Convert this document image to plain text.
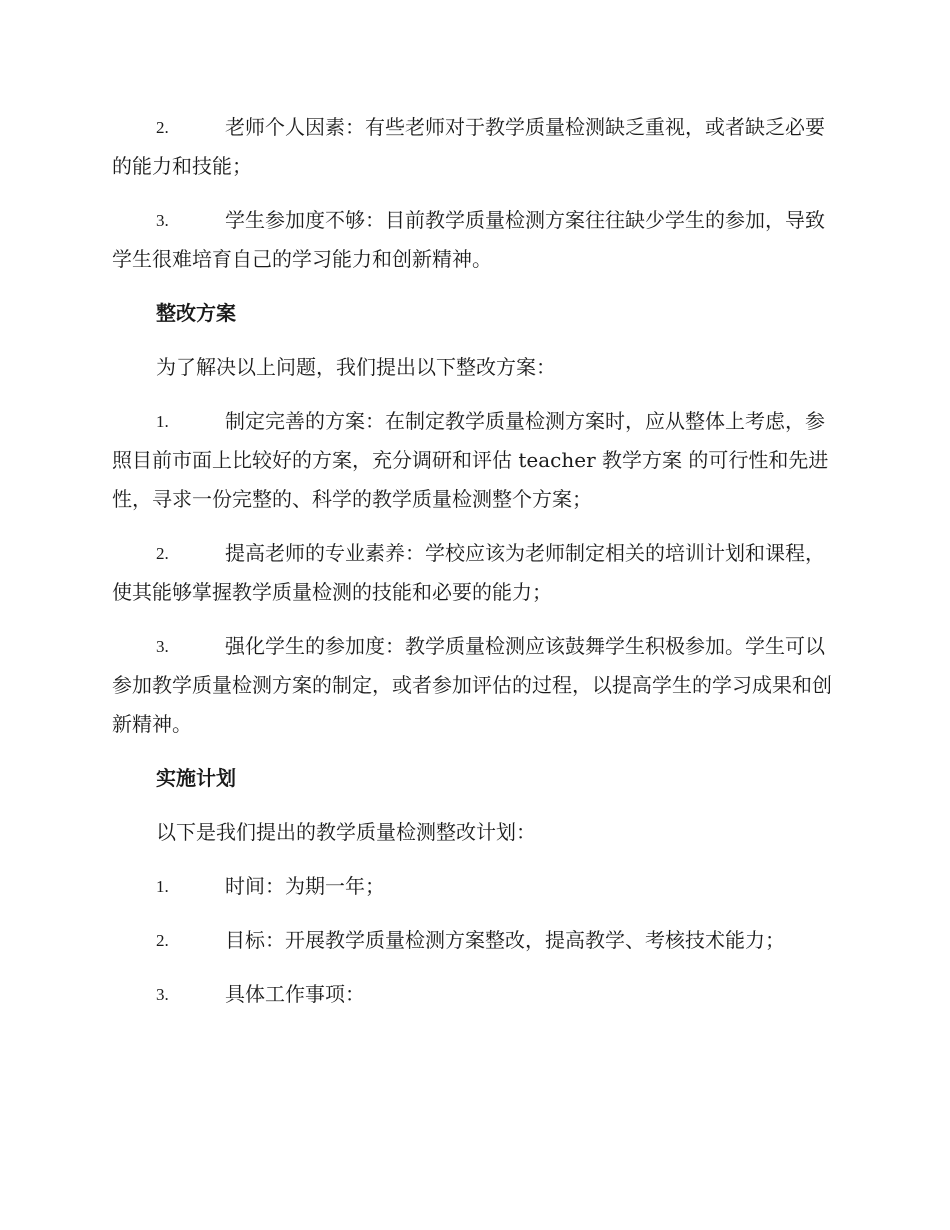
2.	老师个人因素：有些老师对于教学质量检测缺乏重视，或者缺乏必要的能力和技能；
3.	学生参加度不够：目前教学质量检测方案往往缺少学生的参加，导致学生很难培育自己的学习能力和创新精神。
整改方案
为了解决以上问题，我们提出以下整改方案：
1.	制定完善的方案：在制定教学质量检测方案时，应从整体上考虑，参照目前市面上比较好的方案，充分调研和评估 teacher 教学方案 的可行性和先进性，寻求一份完整的、科学的教学质量检测整个方案；
2.	提高老师的专业素养：学校应该为老师制定相关的培训计划和课程，使其能够掌握教学质量检测的技能和必要的能力；
3.	强化学生的参加度：教学质量检测应该鼓舞学生积极参加。学生可以参加教学质量检测方案的制定，或者参加评估的过程，以提高学生的学习成果和创新精神。
实施计划
以下是我们提出的教学质量检测整改计划：
1.	时间：为期一年；
2.	目标：开展教学质量检测方案整改，提高教学、考核技术能力；
3.	具体工作事项：
